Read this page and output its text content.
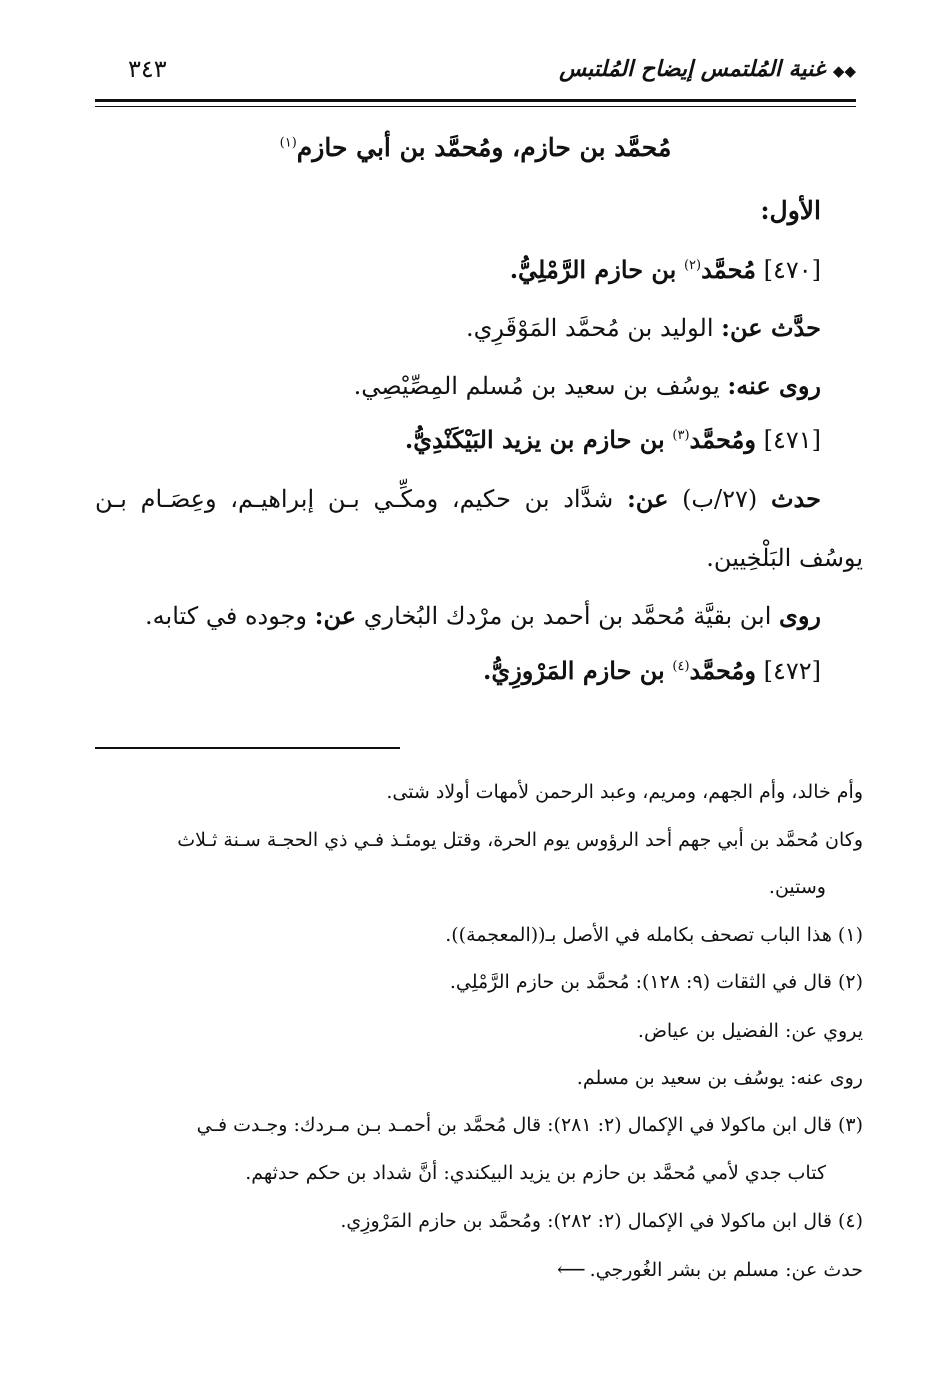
◆◆ غنية المُلتمس إيضاح المُلتبس
٣٤٣
مُحمَّد بن حازم، ومُحمَّد بن أبي حازم$^{(١)}$
الأول:
[٤٧٠] مُحمَّد$^{(٢)}$ بن حازم الرَّمْلِيُّ.
حدَّث عن: الوليد بن مُحمَّد المَوْقَرِي.
روى عنه: يوسُف بن سعيد بن مُسلم المِصِّيْصِي.
[٤٧١] ومُحمَّد$^{(٣)}$ بن حازم بن يزيد البَيْكَنْدِيُّ.
حدث (٢٧/ب) عن: شدَّاد بن حكيم، ومكِّـي بـن إبراهيـم، وعِصَـام بـن
يوسُف البَلْخِيين.
روى ابن بقيَّة مُحمَّد بن أحمد بن مرْدك البُخاري عن: وجوده في كتابه.
[٤٧٢] ومُحمَّد$^{(٤)}$ بن حازم المَرْوزِيُّ.
وأم خالد، وأم الجهم، ومريم، وعبد الرحمن لأمهات أولاد شتى.
وكان مُحمَّد بن أبي جهم أحد الرؤوس يوم الحرة، وقتل يومئـذ فـي ذي الحجـة سـنة ثـلاث
وستين.
(١) هذا الباب تصحف بكامله في الأصل بـ((المعجمة)).
(٢) قال في الثقات (٩: ١٢٨): مُحمَّد بن حازم الرَّمْلِي.
يروي عن: الفضيل بن عياض.
روى عنه: يوسُف بن سعيد بن مسلم.
(٣) قال ابن ماكولا في الإكمال (٢: ٢٨١): قال مُحمَّد بن أحمـد بـن مـردك: وجـدت فـي
كتاب جدي لأمي مُحمَّد بن حازم بن يزيد البيكندي: أنَّ شداد بن حكم حدثهم.
(٤) قال ابن ماكولا في الإكمال (٢: ٢٨٢): ومُحمَّد بن حازم المَرْوزِي.
حدث عن: مسلم بن بشر الغُورجي.⟵
